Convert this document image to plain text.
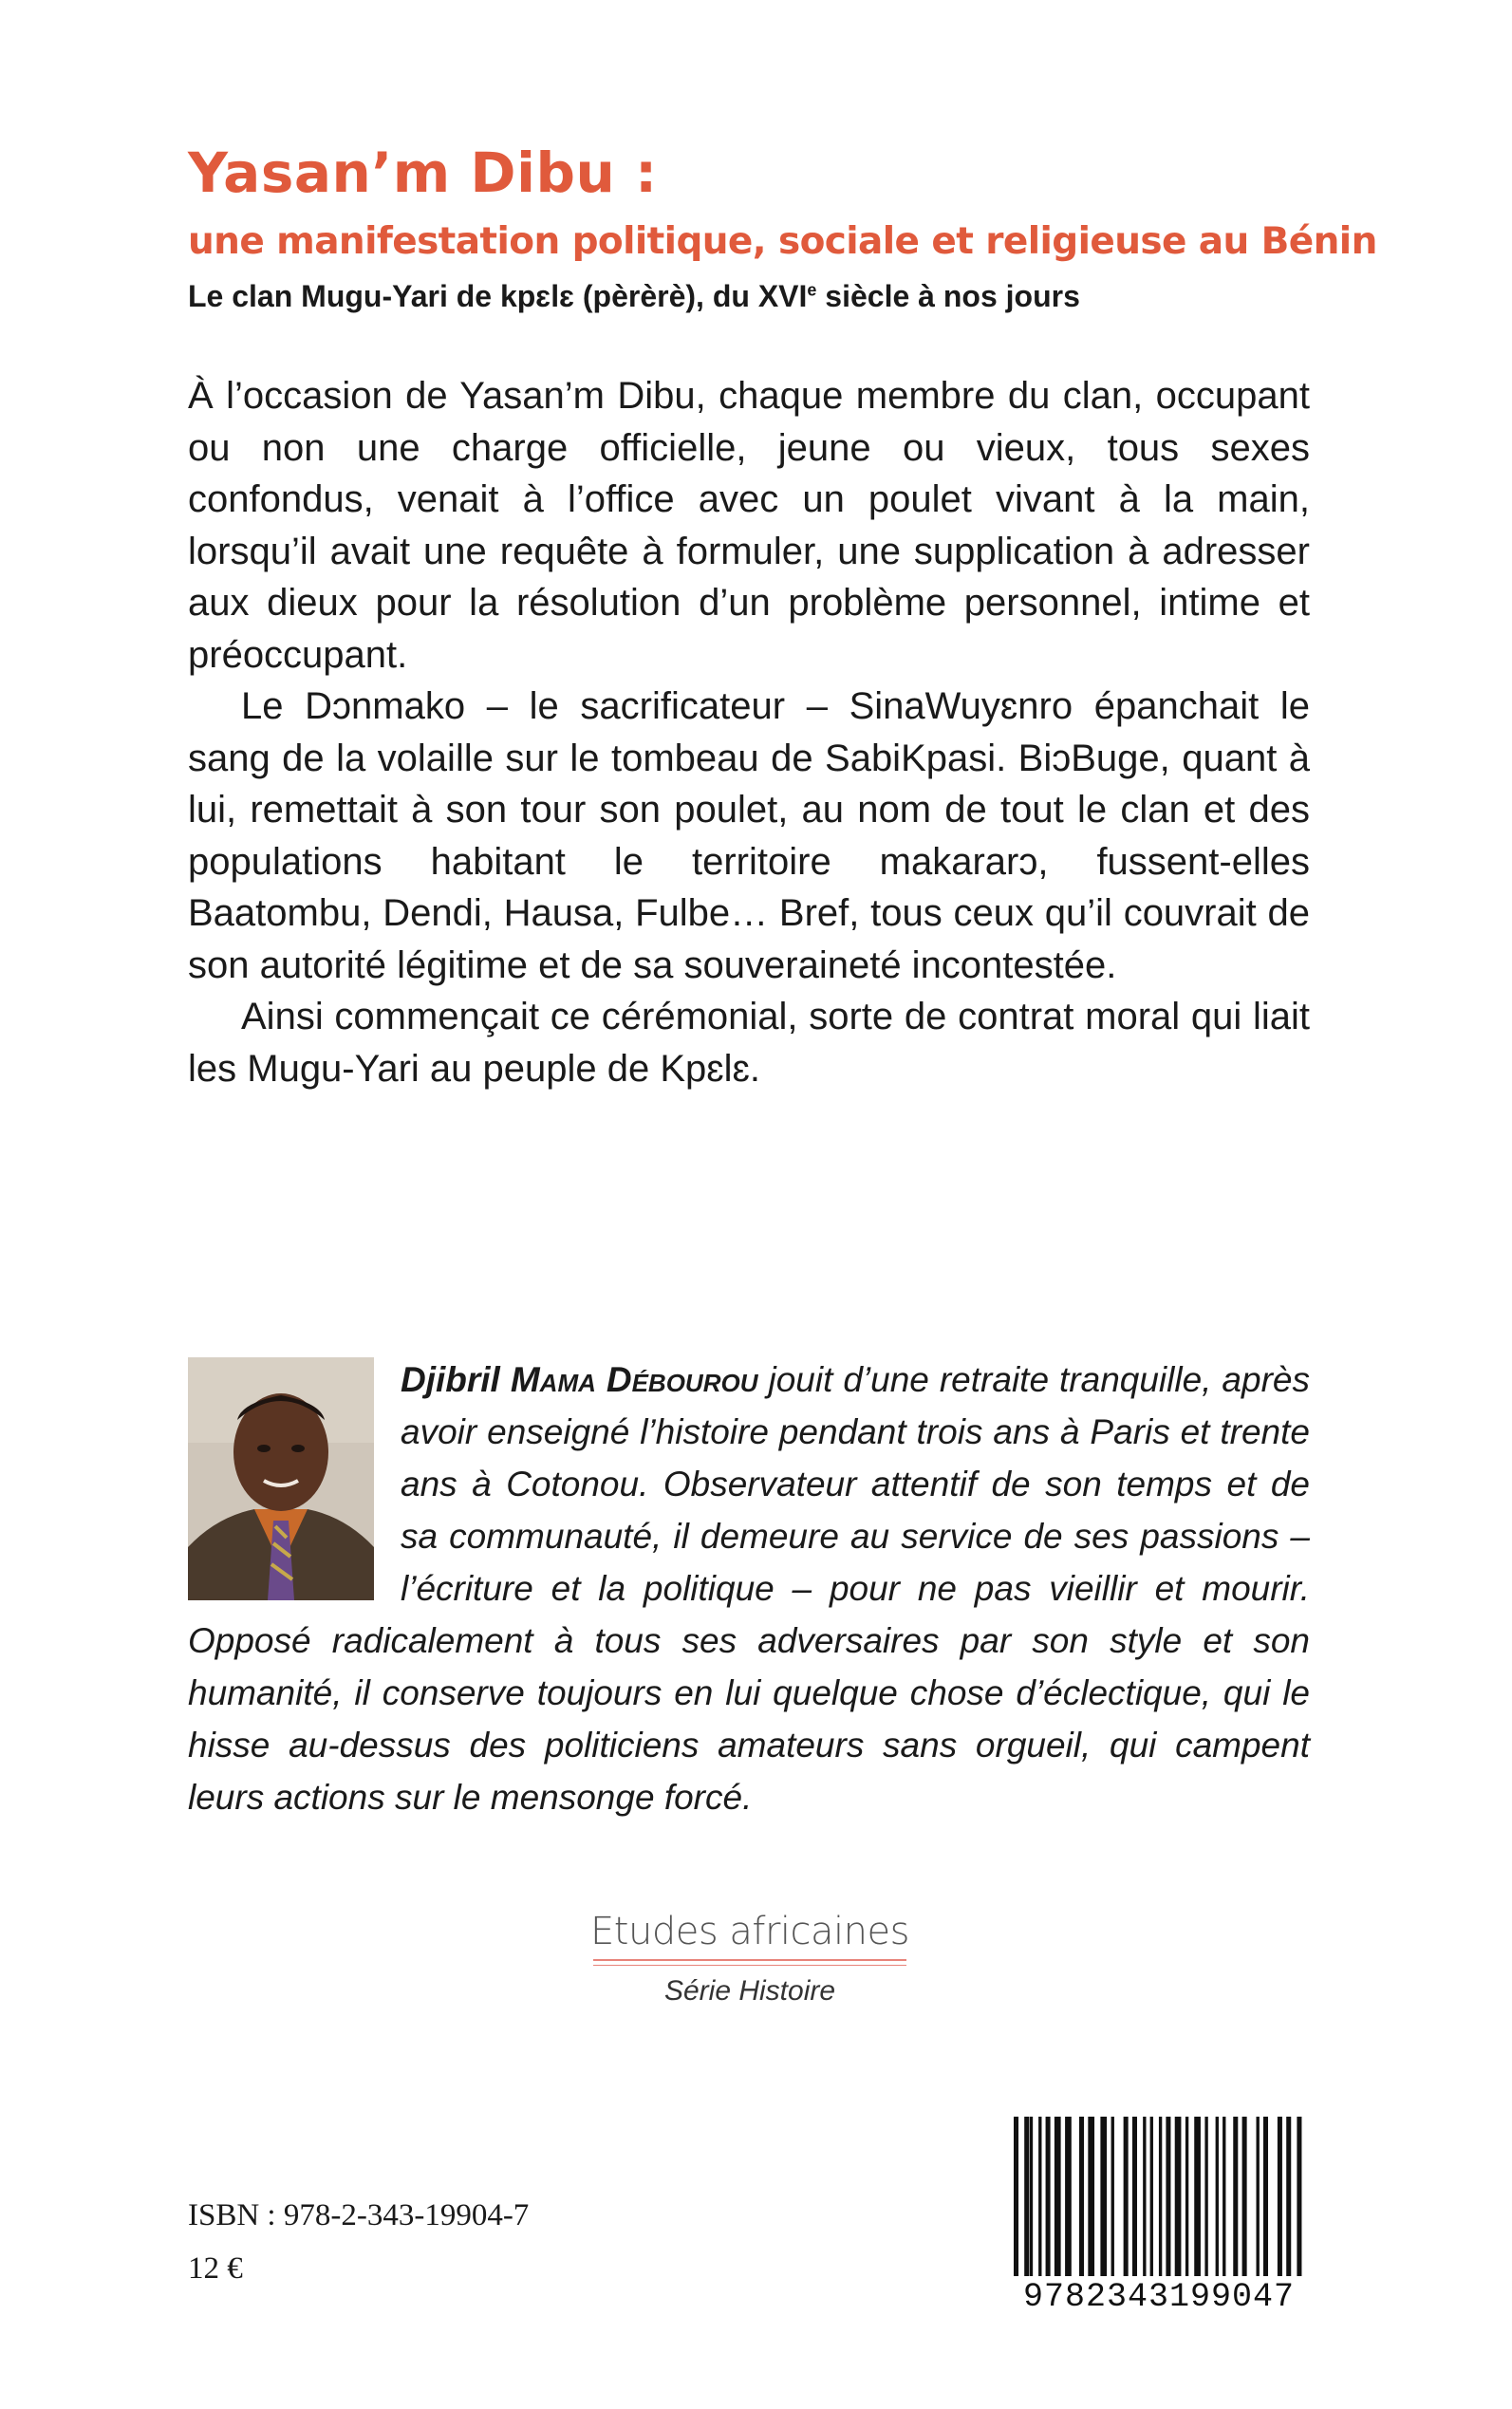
Yasan’m Dibu :
une manifestation politique, sociale et religieuse au Bénin
Le clan Mugu-Yari de kpɛlɛ (pèrèrè), du XVIe siècle à nos jours

À l’occasion de Yasan’m Dibu, chaque membre du clan, occupant ou non une charge officielle, jeune ou vieux, tous sexes confondus, venait à l’office avec un poulet vivant à la main, lorsqu’il avait une requête à formuler, une supplication à adresser aux dieux pour la résolution d’un problème personnel, intime et préoccupant.

Le Dɔnmako – le sacrificateur – SinaWuyɛnro épanchait le sang de la volaille sur le tombeau de SabiKpasi. BiɔBuge, quant à lui, remettait à son tour son poulet, au nom de tout le clan et des populations habitant le territoire makararɔ, fussent-elles Baatombu, Dendi, Hausa, Fulbe… Bref, tous ceux qu’il couvrait de son autorité légitime et de sa souveraineté incontestée.

Ainsi commençait ce cérémonial, sorte de contrat moral qui liait les Mugu-Yari au peuple de Kpɛlɛ.

Djibril Mama Débourou jouit d’une retraite tranquille, après avoir enseigné l’histoire pendant trois ans à Paris et trente ans à Cotonou. Observateur attentif de son temps et de sa communauté, il demeure au service de ses passions – l’écriture et la politique – pour ne pas vieillir et mourir. Opposé radicalement à tous ses adversaires par son style et son humanité, il conserve toujours en lui quelque chose d’éclectique, qui le hisse au-dessus des politiciens amateurs sans orgueil, qui campent leurs actions sur le mensonge forcé.
Etudes africaines
Série Histoire
ISBN : 978-2-343-19904-7
12 €
9782343199047
